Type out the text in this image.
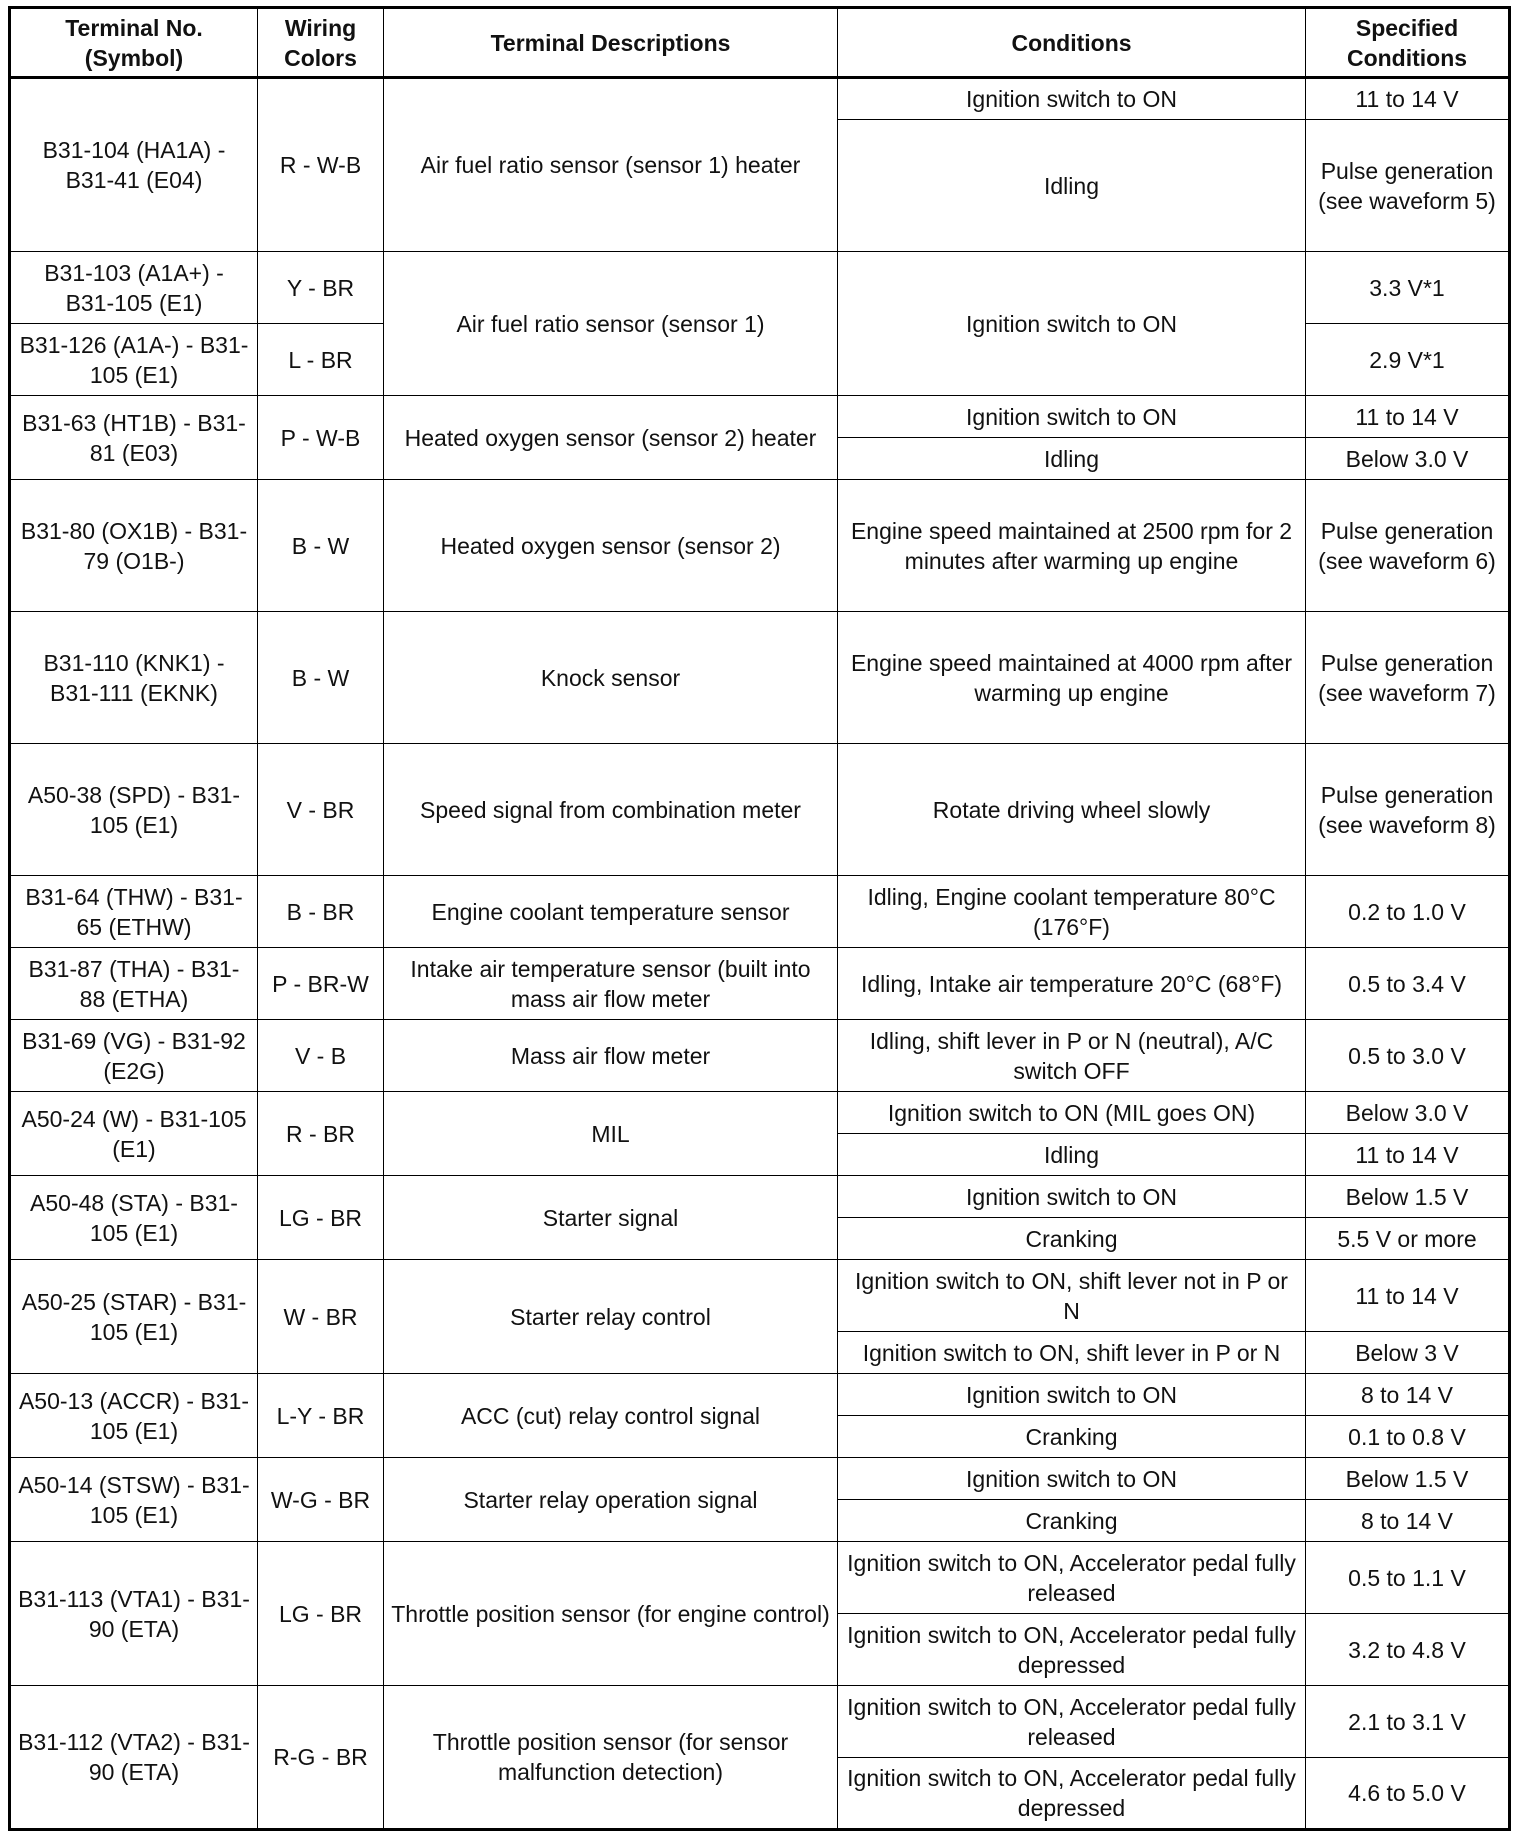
Terminal No. (Symbol)	Wiring Colors	Terminal Descriptions	Conditions	Specified Conditions
B31-104 (HA1A) - B31-41 (E04)	R - W-B	Air fuel ratio sensor (sensor 1) heater	Ignition switch to ON	11 to 14 V
			Idling	Pulse generation (see waveform 5)
B31-103 (A1A+) - B31-105 (E1)	Y - BR	Air fuel ratio sensor (sensor 1)	Ignition switch to ON	3.3 V*1
B31-126 (A1A-) - B31-105 (E1)	L - BR			2.9 V*1
B31-63 (HT1B) - B31-81 (E03)	P - W-B	Heated oxygen sensor (sensor 2) heater	Ignition switch to ON	11 to 14 V
			Idling	Below 3.0 V
B31-80 (OX1B) - B31-79 (O1B-)	B - W	Heated oxygen sensor (sensor 2)	Engine speed maintained at 2500 rpm for 2 minutes after warming up engine	Pulse generation (see waveform 6)
B31-110 (KNK1) - B31-111 (EKNK)	B - W	Knock sensor	Engine speed maintained at 4000 rpm after warming up engine	Pulse generation (see waveform 7)
A50-38 (SPD) - B31-105 (E1)	V - BR	Speed signal from combination meter	Rotate driving wheel slowly	Pulse generation (see waveform 8)
B31-64 (THW) - B31-65 (ETHW)	B - BR	Engine coolant temperature sensor	Idling, Engine coolant temperature 80°C (176°F)	0.2 to 1.0 V
B31-87 (THA) - B31-88 (ETHA)	P - BR-W	Intake air temperature sensor (built into mass air flow meter	Idling, Intake air temperature 20°C (68°F)	0.5 to 3.4 V
B31-69 (VG) - B31-92 (E2G)	V - B	Mass air flow meter	Idling, shift lever in P or N (neutral), A/C switch OFF	0.5 to 3.0 V
A50-24 (W) - B31-105 (E1)	R - BR	MIL	Ignition switch to ON (MIL goes ON)	Below 3.0 V
			Idling	11 to 14 V
A50-48 (STA) - B31-105 (E1)	LG - BR	Starter signal	Ignition switch to ON	Below 1.5 V
			Cranking	5.5 V or more
A50-25 (STAR) - B31-105 (E1)	W - BR	Starter relay control	Ignition switch to ON, shift lever not in P or N	11 to 14 V
			Ignition switch to ON, shift lever in P or N	Below 3 V
A50-13 (ACCR) - B31-105 (E1)	L-Y - BR	ACC (cut) relay control signal	Ignition switch to ON	8 to 14 V
			Cranking	0.1 to 0.8 V
A50-14 (STSW) - B31-105 (E1)	W-G - BR	Starter relay operation signal	Ignition switch to ON	Below 1.5 V
			Cranking	8 to 14 V
B31-113 (VTA1) - B31-90 (ETA)	LG - BR	Throttle position sensor (for engine control)	Ignition switch to ON, Accelerator pedal fully released	0.5 to 1.1 V
			Ignition switch to ON, Accelerator pedal fully depressed	3.2 to 4.8 V
B31-112 (VTA2) - B31-90 (ETA)	R-G - BR	Throttle position sensor (for sensor malfunction detection)	Ignition switch to ON, Accelerator pedal fully released	2.1 to 3.1 V
			Ignition switch to ON, Accelerator pedal fully depressed	4.6 to 5.0 V
